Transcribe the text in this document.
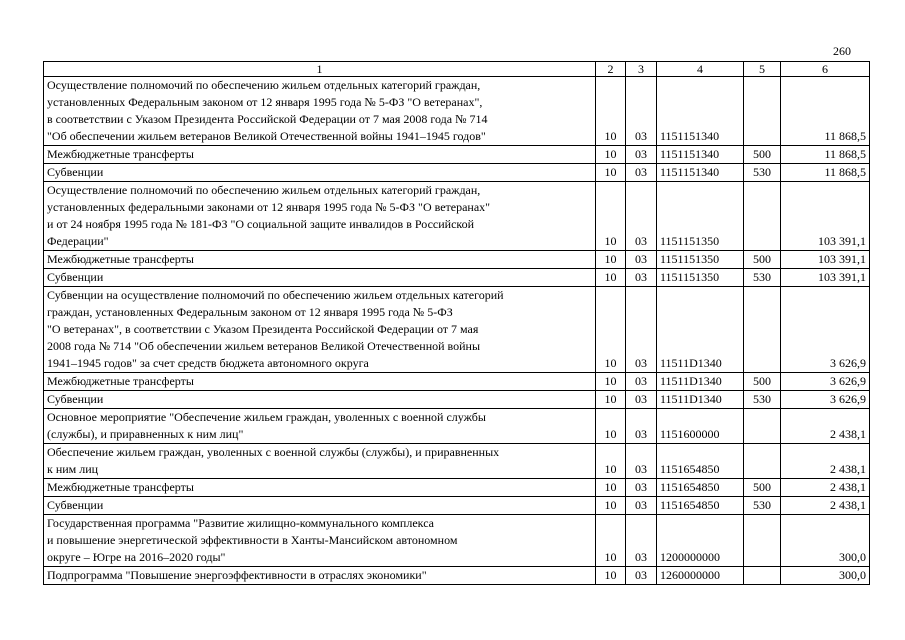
260
1	2	3	4	5	6
Осуществление полномочий по обеспечению жильем отдельных категорий граждан,
установленных Федеральным законом от 12 января 1995 года № 5-ФЗ "О ветеранах",
в соответствии с Указом Президента Российской Федерации от 7 мая 2008 года № 714
"Об обеспечении жильем ветеранов Великой Отечественной войны 1941–1945 годов"	10	03	1151151340		11 868,5
Межбюджетные трансферты	10	03	1151151340	500	11 868,5
Субвенции	10	03	1151151340	530	11 868,5
Осуществление полномочий по обеспечению жильем отдельных категорий граждан,
установленных федеральными законами от 12 января 1995 года № 5-ФЗ "О ветеранах"
и от 24 ноября 1995 года № 181-ФЗ "О социальной защите инвалидов в Российской
Федерации"	10	03	1151151350		103 391,1
Межбюджетные трансферты	10	03	1151151350	500	103 391,1
Субвенции	10	03	1151151350	530	103 391,1
Субвенции на осуществление полномочий по обеспечению жильем отдельных категорий
граждан, установленных Федеральным законом от 12 января 1995 года № 5-ФЗ
"О ветеранах", в соответствии с Указом Президента Российской Федерации от 7 мая
2008 года № 714 "Об обеспечении жильем ветеранов Великой Отечественной войны
1941–1945 годов" за счет средств бюджета автономного округа	10	03	11511D1340		3 626,9
Межбюджетные трансферты	10	03	11511D1340	500	3 626,9
Субвенции	10	03	11511D1340	530	3 626,9
Основное мероприятие "Обеспечение жильем граждан, уволенных с военной службы
(службы), и приравненных к ним лиц"	10	03	1151600000		2 438,1
Обеспечение жильем граждан, уволенных с военной службы (службы), и приравненных
к ним лиц	10	03	1151654850		2 438,1
Межбюджетные трансферты	10	03	1151654850	500	2 438,1
Субвенции	10	03	1151654850	530	2 438,1
Государственная программа "Развитие жилищно-коммунального комплекса
и повышение энергетической эффективности в Ханты-Мансийском автономном
округе – Югре на 2016–2020 годы"	10	03	1200000000		300,0
Подпрограмма "Повышение энергоэффективности в отраслях экономики"	10	03	1260000000		300,0
